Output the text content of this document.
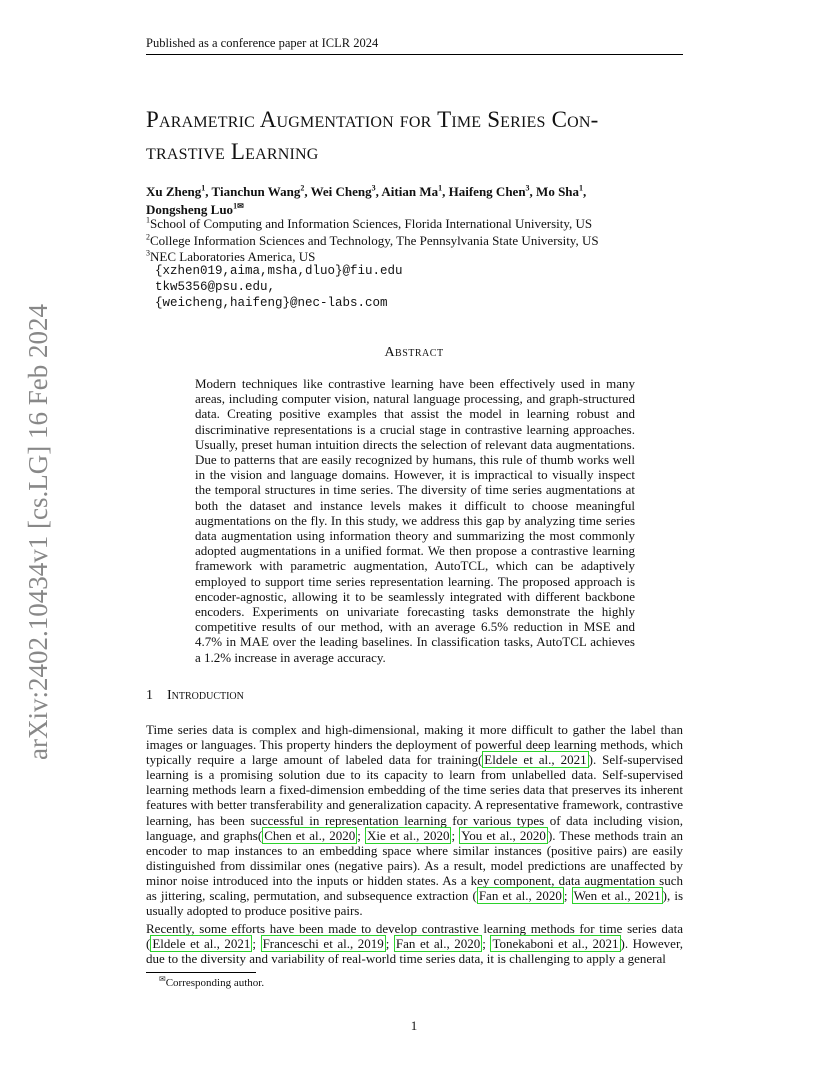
Published as a conference paper at ICLR 2024
arXiv:2402.10434v1 [cs.LG] 16 Feb 2024
Parametric Augmentation for Time Series Con-
trastive Learning
Xu Zheng$^1$, Tianchun Wang$^2$, Wei Cheng$^3$, Aitian Ma$^1$, Haifeng Chen$^3$, Mo Sha$^1$,
Dongsheng Luo$^{1✉}$
$^1$School of Computing and Information Sciences, Florida International University, US
$^2$College Information Sciences and Technology, The Pennsylvania State University, US
$^3$NEC Laboratories America, US
{xzhen019,aima,msha,dluo}@fiu.edu
tkw5356@psu.edu,
{weicheng,haifeng}@nec-labs.com
Abstract
Modern techniques like contrastive learning have been effectively used in many areas, including computer vision, natural language processing, and graph-structured data. Creating positive examples that assist the model in learning robust and discriminative representations is a crucial stage in contrastive learning approaches. Usually, preset human intuition directs the selection of relevant data augmentations. Due to patterns that are easily recognized by humans, this rule of thumb works well in the vision and language domains. However, it is impractical to visually inspect the temporal structures in time series. The diversity of time series augmentations at both the dataset and instance levels makes it difficult to choose meaningful augmentations on the fly. In this study, we address this gap by analyzing time series data augmentation using information theory and summarizing the most commonly adopted augmentations in a unified format. We then propose a contrastive learning framework with parametric augmentation, AutoTCL, which can be adaptively employed to support time series representation learning. The proposed approach is encoder-agnostic, allowing it to be seamlessly integrated with different backbone encoders. Experiments on univariate forecasting tasks demonstrate the highly competitive results of our method, with an average 6.5% reduction in MSE and 4.7% in MAE over the leading baselines. In classification tasks, AutoTCL achieves a 1.2% increase in average accuracy.
1 Introduction
Time series data is complex and high-dimensional, making it more difficult to gather the label than images or languages. This property hinders the deployment of powerful deep learning methods, which typically require a large amount of labeled data for training( Eldele et al., 2021 ). Self-supervised learning is a promising solution due to its capacity to learn from unlabelled data. Self-supervised learning methods learn a fixed-dimension embedding of the time series data that preserves its inherent features with better transferability and generalization capacity. A representative framework, contrastive learning, has been successful in representation learning for various types of data including vision, language, and graphs( Chen et al., 2020 ; Xie et al., 2020 ; You et al., 2020 ). These methods train an encoder to map instances to an embedding space where similar instances (positive pairs) are easily distinguished from dissimilar ones (negative pairs). As a result, model predictions are unaffected by minor noise introduced into the inputs or hidden states. As a key component, data augmentation such as jittering, scaling, permutation, and subsequence extraction ( Fan et al., 2020 ; Wen et al., 2021 ), is usually adopted to produce positive pairs.
Recently, some efforts have been made to develop contrastive learning methods for time series data ( Eldele et al., 2021 ; Franceschi et al., 2019 ; Fan et al., 2020 ; Tonekaboni et al., 2021 ). However, due to the diversity and variability of real-world time series data, it is challenging to apply a general
✉Corresponding author.
1
